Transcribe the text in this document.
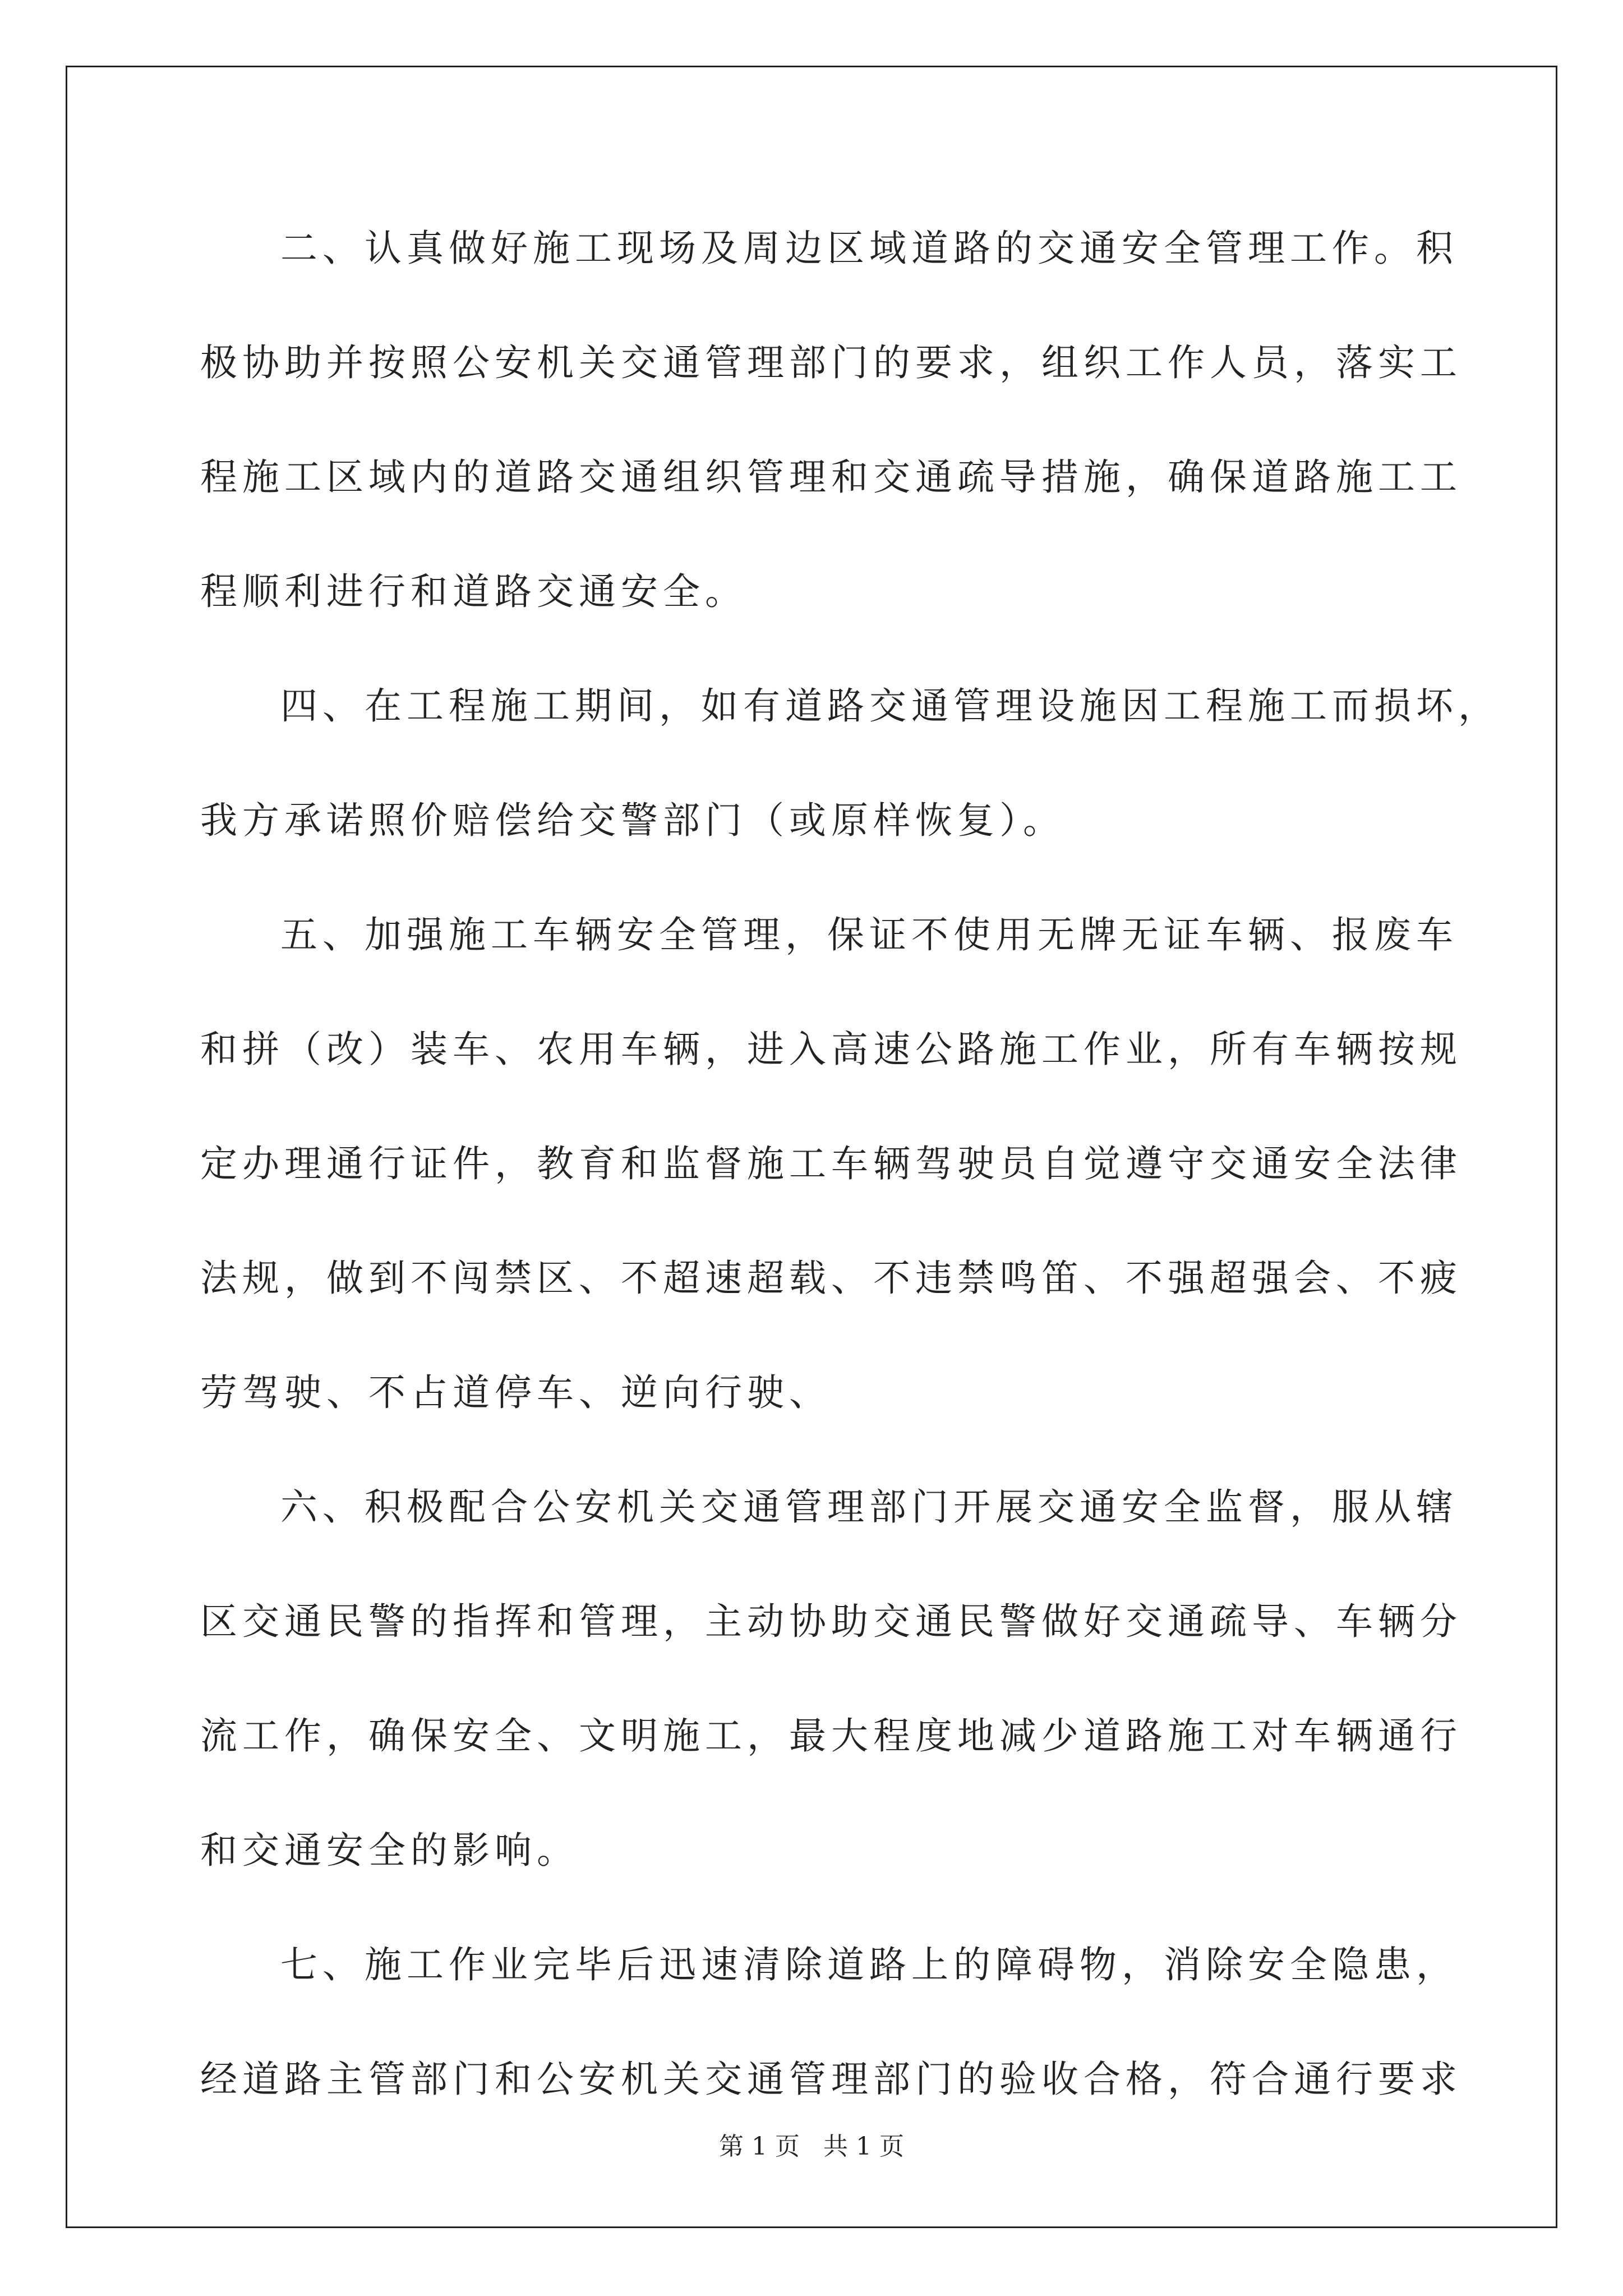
二、认真做好施工现场及周边区域道路的交通安全管理工作。积
极协助并按照公安机关交通管理部门的要求，组织工作人员，落实工
程施工区域内的道路交通组织管理和交通疏导措施，确保道路施工工
程顺利进行和道路交通安全。
四、在工程施工期间，如有道路交通管理设施因工程施工而损坏，
我方承诺照价赔偿给交警部门（或原样恢复）。
五、加强施工车辆安全管理，保证不使用无牌无证车辆、报废车
和拼（改）装车、农用车辆，进入高速公路施工作业，所有车辆按规
定办理通行证件，教育和监督施工车辆驾驶员自觉遵守交通安全法律
法规，做到不闯禁区、不超速超载、不违禁鸣笛、不强超强会、不疲
劳驾驶、不占道停车、逆向行驶、
六、积极配合公安机关交通管理部门开展交通安全监督，服从辖
区交通民警的指挥和管理，主动协助交通民警做好交通疏导、车辆分
流工作，确保安全、文明施工，最大程度地减少道路施工对车辆通行
和交通安全的影响。
七、施工作业完毕后迅速清除道路上的障碍物，消除安全隐患，
经道路主管部门和公安机关交通管理部门的验收合格，符合通行要求
第 1 页   共 1 页
